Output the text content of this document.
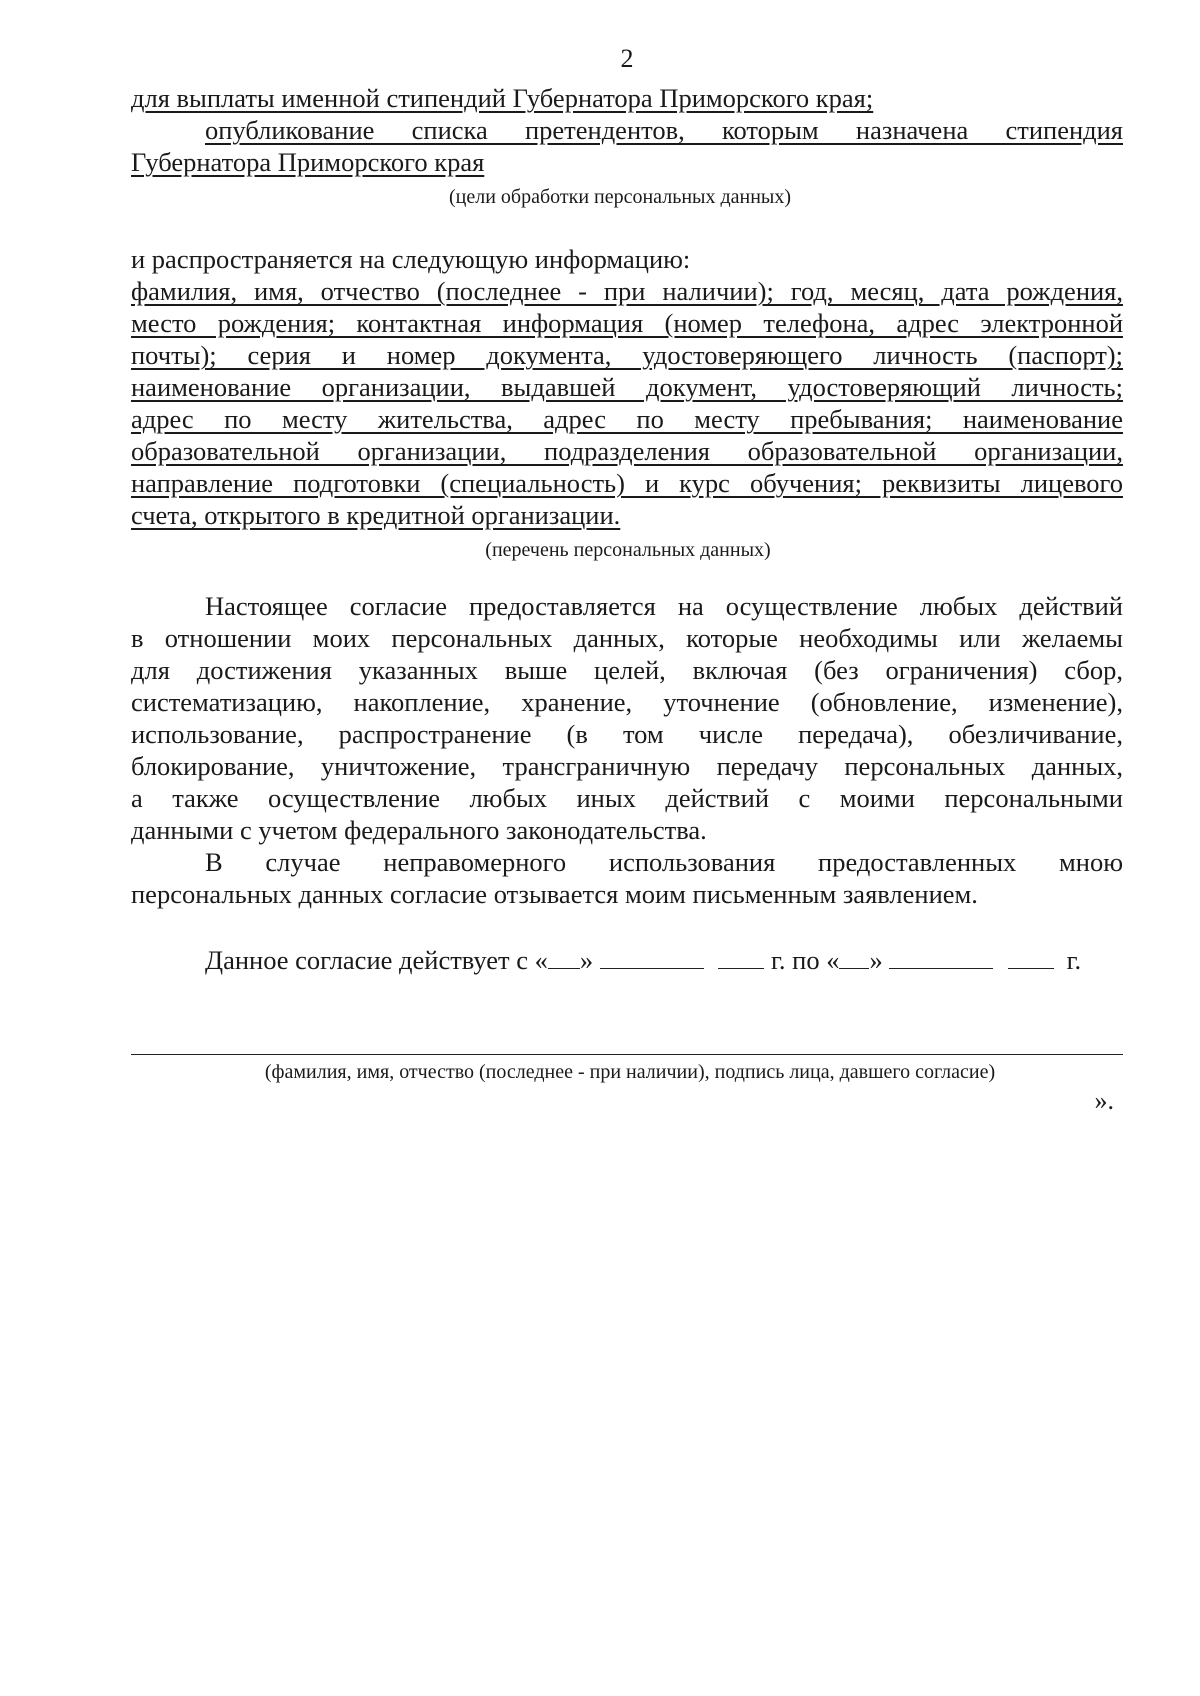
2
для выплаты именной стипендий Губернатора Приморского края;
опубликование списка претендентов, которым назначена стипендия
Губернатора Приморского края
(цели обработки персональных данных)
и распространяется на следующую информацию:
фамилия, имя, отчество (последнее - при наличии); год, месяц, дата рождения,
место рождения; контактная информация (номер телефона, адрес электронной
почты); серия и номер документа, удостоверяющего личность (паспорт);
наименование организации, выдавшей документ, удостоверяющий личность;
адрес по месту жительства, адрес по месту пребывания; наименование
образовательной организации, подразделения образовательной организации,
направление подготовки (специальность) и курс обучения; реквизиты лицевого
счета, открытого в кредитной организации.
(перечень персональных данных)
Настоящее согласие предоставляется на осуществление любых действий
в отношении моих персональных данных, которые необходимы или желаемы
для достижения указанных выше целей, включая (без ограничения) сбор,
систематизацию, накопление, хранение, уточнение (обновление, изменение),
использование, распространение (в том числе передача), обезличивание,
блокирование, уничтожение, трансграничную передачу персональных данных,
а также осуществление любых иных действий с моими персональными
данными с учетом федерального законодательства.
В случае неправомерного использования предоставленных мною
персональных данных согласие отзывается моим письменным заявлением.
Данное согласие действует с « »	г. по « »	г.
(фамилия, имя, отчество (последнее - при наличии), подпись лица, давшего согласие)
».
